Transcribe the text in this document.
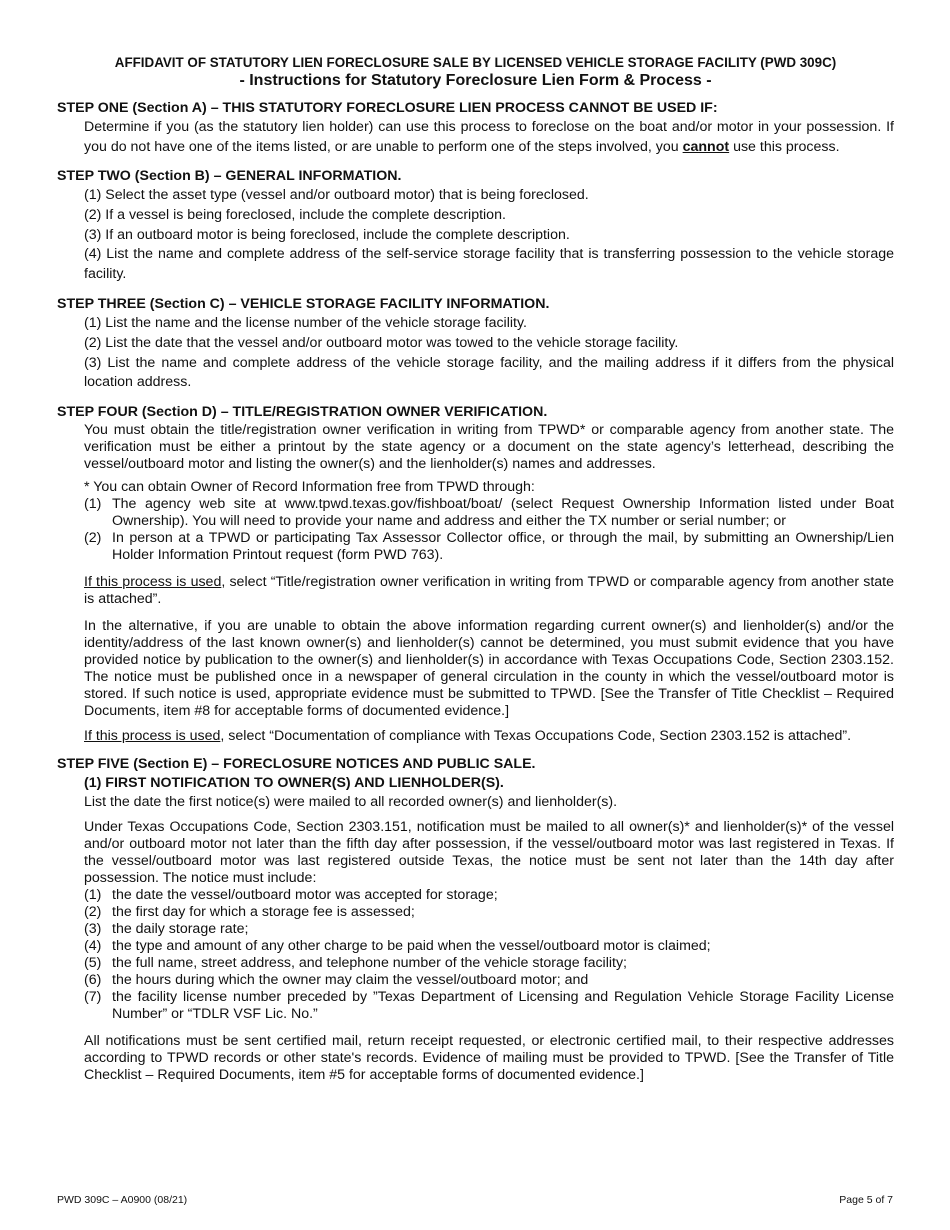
AFFIDAVIT OF STATUTORY LIEN FORECLOSURE SALE BY LICENSED VEHICLE STORAGE FACILITY (PWD 309C)

- Instructions for Statutory Foreclosure Lien Form & Process -

STEP ONE (Section A) – THIS STATUTORY FORECLOSURE LIEN PROCESS CANNOT BE USED IF:

Determine if you (as the statutory lien holder) can use this process to foreclose on the boat and/or motor in your possession. If you do not have one of the items listed, or are unable to perform one of the steps involved, you cannot use this process.

STEP TWO (Section B) – GENERAL INFORMATION.

(1) Select the asset type (vessel and/or outboard motor) that is being foreclosed.

(2) If a vessel is being foreclosed, include the complete description.

(3) If an outboard motor is being foreclosed, include the complete description.

(4) List the name and complete address of the self-service storage facility that is transferring possession to the vehicle storage facility.

STEP THREE (Section C) – VEHICLE STORAGE FACILITY INFORMATION.

(1) List the name and the license number of the vehicle storage facility.

(2) List the date that the vessel and/or outboard motor was towed to the vehicle storage facility.

(3) List the name and complete address of the vehicle storage facility, and the mailing address if it differs from the physical location address.

STEP FOUR (Section D) – TITLE/REGISTRATION OWNER VERIFICATION.

You must obtain the title/registration owner verification in writing from TPWD* or comparable agency from another state. The verification must be either a printout by the state agency or a document on the state agency’s letterhead, describing the vessel/outboard motor and listing the owner(s) and the lienholder(s) names and addresses.

* You can obtain Owner of Record Information free from TPWD through:

(1) The agency web site at www.tpwd.texas.gov/fishboat/boat/ (select Request Ownership Information listed under Boat Ownership). You will need to provide your name and address and either the TX number or serial number; or
(2) In person at a TPWD or participating Tax Assessor Collector office, or through the mail, by submitting an Ownership/Lien Holder Information Printout request (form PWD 763).

If this process is used, select “Title/registration owner verification in writing from TPWD or comparable agency from another state is attached”.

In the alternative, if you are unable to obtain the above information regarding current owner(s) and lienholder(s) and/or the identity/address of the last known owner(s) and lienholder(s) cannot be determined, you must submit evidence that you have provided notice by publication to the owner(s) and lienholder(s) in accordance with Texas Occupations Code, Section 2303.152. The notice must be published once in a newspaper of general circulation in the county in which the vessel/outboard motor is stored. If such notice is used, appropriate evidence must be submitted to TPWD. [See the Transfer of Title Checklist – Required Documents, item #8 for acceptable forms of documented evidence.]

If this process is used, select “Documentation of compliance with Texas Occupations Code, Section 2303.152 is attached”.

STEP FIVE (Section E) – FORECLOSURE NOTICES AND PUBLIC SALE.

(1) FIRST NOTIFICATION TO OWNER(S) AND LIENHOLDER(S).

List the date the first notice(s) were mailed to all recorded owner(s) and lienholder(s).

Under Texas Occupations Code, Section 2303.151, notification must be mailed to all owner(s)* and lienholder(s)* of the vessel and/or outboard motor not later than the fifth day after possession, if the vessel/outboard motor was last registered in Texas. If the vessel/outboard motor was last registered outside Texas, the notice must be sent not later than the 14th day after possession. The notice must include:

(1) the date the vessel/outboard motor was accepted for storage;
(2) the first day for which a storage fee is assessed;
(3) the daily storage rate;
(4) the type and amount of any other charge to be paid when the vessel/outboard motor is claimed;
(5) the full name, street address, and telephone number of the vehicle storage facility;
(6) the hours during which the owner may claim the vessel/outboard motor; and
(7) the facility license number preceded by ”Texas Department of Licensing and Regulation Vehicle Storage Facility License Number” or “TDLR VSF Lic. No.”

All notifications must be sent certified mail, return receipt requested, or electronic certified mail, to their respective addresses according to TPWD records or other state's records. Evidence of mailing must be provided to TPWD. [See the Transfer of Title Checklist – Required Documents, item #5 for acceptable forms of documented evidence.]

PWD 309C – A0900 (08/21)	Page 5 of 7
